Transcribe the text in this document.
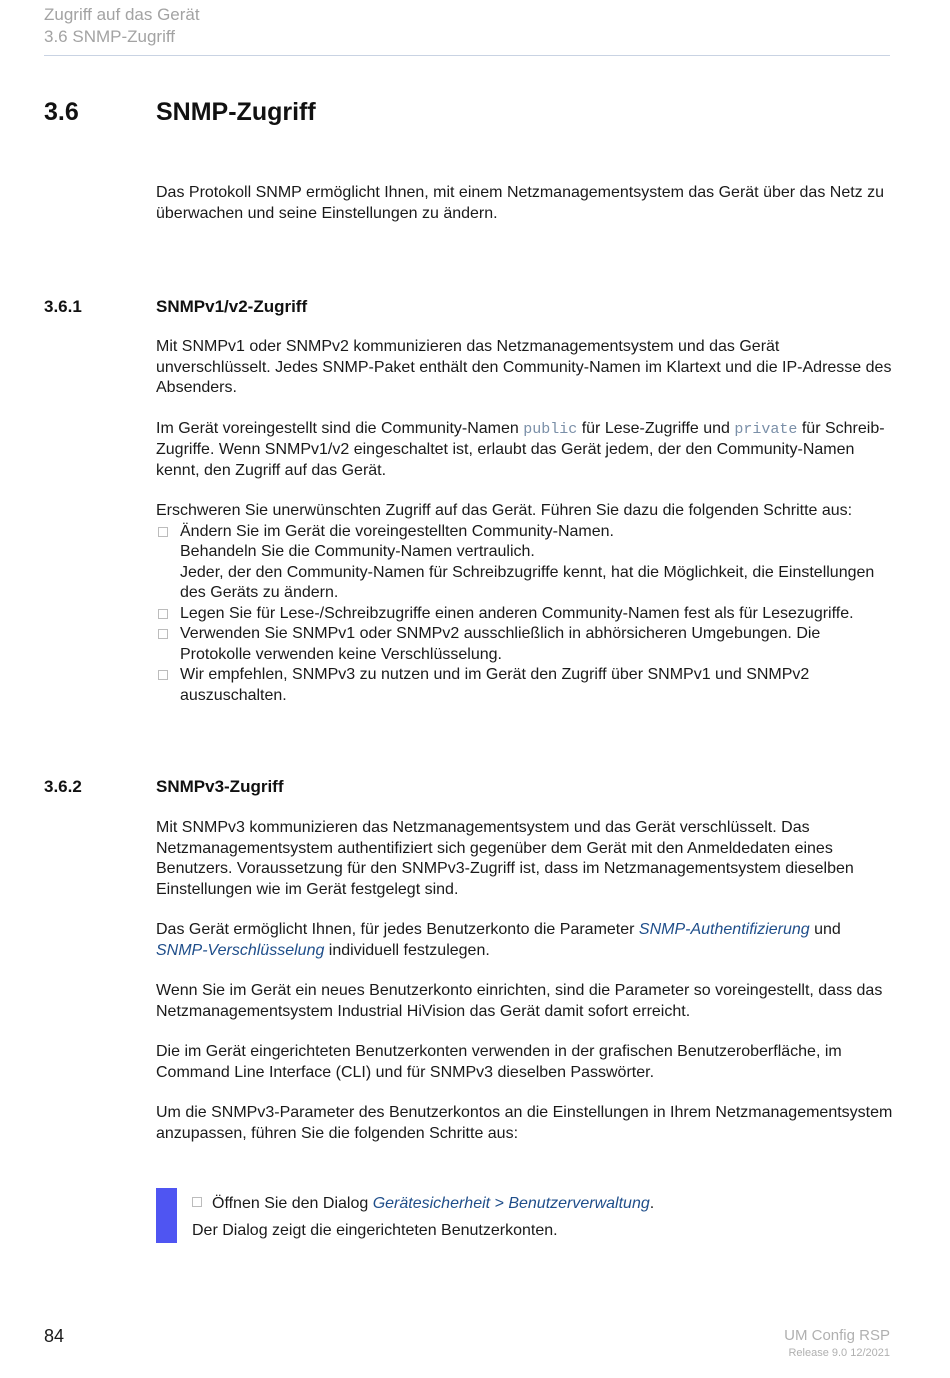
Zugriff auf das Gerät
3.6 SNMP-Zugriff
3.6	SNMP-Zugriff

Das Protokoll SNMP ermöglicht Ihnen, mit einem Netzmanagementsystem das Gerät über das Netz zu überwachen und seine Einstellungen zu ändern.

3.6.1	SNMPv1/v2-Zugriff

Mit SNMPv1 oder SNMPv2 kommunizieren das Netzmanagementsystem und das Gerät unverschlüsselt. Jedes SNMP-Paket enthält den Community-Namen im Klartext und die IP-Adresse des Absenders.

Im Gerät voreingestellt sind die Community-Namen public für Lese-Zugriffe und private für Schreib-Zugriffe. Wenn SNMPv1/v2 eingeschaltet ist, erlaubt das Gerät jedem, der den Community-Namen kennt, den Zugriff auf das Gerät.

Erschweren Sie unerwünschten Zugriff auf das Gerät. Führen Sie dazu die folgenden Schritte aus:

Ändern Sie im Gerät die voreingestellten Community-Namen.
Behandeln Sie die Community-Namen vertraulich.
Jeder, der den Community-Namen für Schreibzugriffe kennt, hat die Möglichkeit, die Einstellungen des Geräts zu ändern.
Legen Sie für Lese-/Schreibzugriffe einen anderen Community-Namen fest als für Lesezugriffe.
Verwenden Sie SNMPv1 oder SNMPv2 ausschließlich in abhörsicheren Umgebungen. Die Protokolle verwenden keine Verschlüsselung.
Wir empfehlen, SNMPv3 zu nutzen und im Gerät den Zugriff über SNMPv1 und SNMPv2 auszuschalten.
3.6.2	SNMPv3-Zugriff

Mit SNMPv3 kommunizieren das Netzmanagementsystem und das Gerät verschlüsselt. Das Netzmanagementsystem authentifiziert sich gegenüber dem Gerät mit den Anmeldedaten eines Benutzers. Voraussetzung für den SNMPv3-Zugriff ist, dass im Netzmanagementsystem dieselben Einstellungen wie im Gerät festgelegt sind.

Das Gerät ermöglicht Ihnen, für jedes Benutzerkonto die Parameter SNMP-Authentifizierung und SNMP-Verschlüsselung individuell festzulegen.

Wenn Sie im Gerät ein neues Benutzerkonto einrichten, sind die Parameter so voreingestellt, dass das Netzmanagementsystem Industrial HiVision das Gerät damit sofort erreicht.

Die im Gerät eingerichteten Benutzerkonten verwenden in der grafischen Benutzeroberfläche, im Command Line Interface (CLI) und für SNMPv3 dieselben Passwörter.

Um die SNMPv3-Parameter des Benutzerkontos an die Einstellungen in Ihrem Netzmanagementsystem anzupassen, führen Sie die folgenden Schritte aus:

Öffnen Sie den Dialog Gerätesicherheit > Benutzerverwaltung.
Der Dialog zeigt die eingerichteten Benutzerkonten.
84	UM Config RSP
Release 9.0 12/2021
